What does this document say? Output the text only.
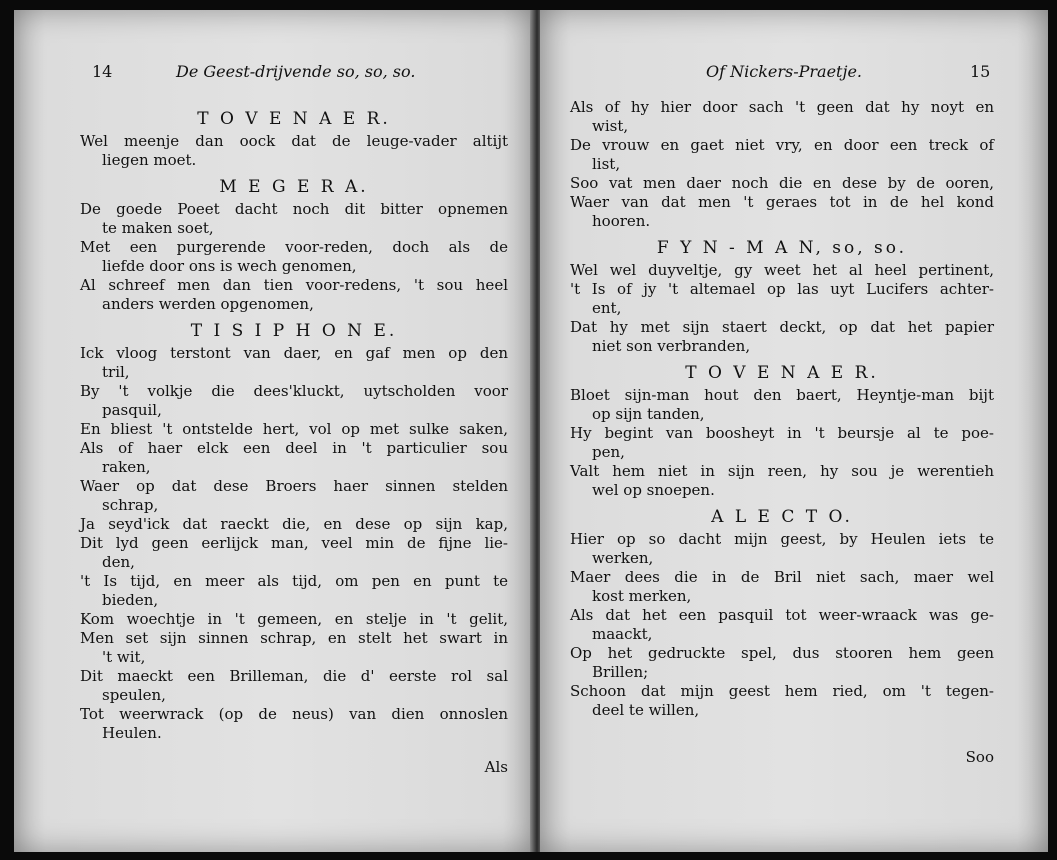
14	De Geest-drijvende so, so, so.
T O V E N A E R.
Wel meenje dan oock dat de leuge-vader altijt
liegen moet.
M E G E R A.
De goede Poeet dacht noch dit bitter opnemen
te maken soet,
Met een purgerende voor-reden, doch als de
liefde door ons is wech genomen,
Al schreef men dan tien voor-redens, 't sou heel
anders werden opgenomen,
T I S I P H O N E.
Ick vloog terstont van daer, en gaf men op den
tril,
By 't volkje die dees'kluckt, uytscholden voor
pasquil,
En bliest 't ontstelde hert, vol op met sulke saken,
Als of haer elck een deel in 't particulier sou
raken,
Waer op dat dese Broers haer sinnen stelden
schrap,
Ja seyd'ick dat raeckt die, en dese op sijn kap,
Dit lyd geen eerlijck man, veel min de fijne lie-
den,
't Is tijd, en meer als tijd, om pen en punt te
bieden,
Kom woechtje in 't gemeen, en stelje in 't gelit,
Men set sijn sinnen schrap, en stelt het swart in
't wit,
Dit maeckt een Brilleman, die d' eerste rol sal
speulen,
Tot weerwrack (op de neus) van dien onnoslen
Heulen.
Als
Of Nickers-Praetje.	15
Als of hy hier door sach 't geen dat hy noyt en
wist,
De vrouw en gaet niet vry, en door een treck of
list,
Soo vat men daer noch die en dese by de ooren,
Waer van dat men 't geraes tot in de hel kond
hooren.
F Y N - M A N, so, so.
Wel wel duyveltje, gy weet het al heel pertinent,
't Is of jy 't altemael op las uyt Lucifers achter-
ent,
Dat hy met sijn staert deckt, op dat het papier
niet son verbranden,
T O V E N A E R.
Bloet sijn-man hout den baert, Heyntje-man bijt
op sijn tanden,
Hy begint van boosheyt in 't beursje al te poe-
pen,
Valt hem niet in sijn reen, hy sou je werentieh
wel op snoepen.
A L E C T O.
Hier op so dacht mijn geest, by Heulen iets te
werken,
Maer dees die in de Bril niet sach, maer wel
kost merken,
Als dat het een pasquil tot weer-wraack was ge-
maackt,
Op het gedruckte spel, dus stooren hem geen
Brillen;
Schoon dat mijn geest hem ried, om 't tegen-
deel te willen,
Soo
